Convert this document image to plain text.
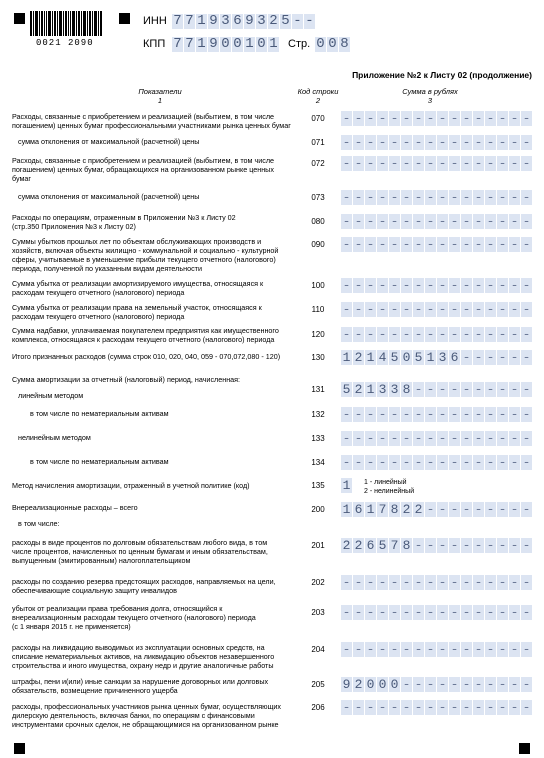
0021 2090
ИНН 7 7 1 9 3 6 9 3 2 5 - -
КПП 7 7 1 9 0 0 1 0 1 Стр. 0 0 8
Приложение №2 к Листу 02 (продолжение)
Показатели
1
Код строки
2
Сумма в рублях
3
Расходы, связанные с приобретением и реализацией (выбытием, в том числе
погашением) ценных бумаг профессиональными участниками рынка ценных бумаг
070 - - - - - - - - - - - - - - - -
сумма отклонения от максимальной (расчетной) цены	071 - - - - - - - - - - - - - - - -
Расходы, связанные с приобретением и реализацией (выбытием, в том числе
погашением) ценных бумаг, обращающихся на организованном рынке ценных
бумаг
072 - - - - - - - - - - - - - - - -
сумма отклонения от максимальной (расчетной) цены	073 - - - - - - - - - - - - - - - -
Расходы по операциям, отраженным в Приложении №3 к Листу 02
(стр.350 Приложения №3 к Листу 02)
080 - - - - - - - - - - - - - - - -
Суммы убытков прошлых лет по объектам обслуживающих производств и
хозяйств, включая объекты жилищно - коммунальной и социально - культурной
сферы, учитываемые в уменьшение прибыли текущего отчетного (налогового)
периода, полученной по указанным видам деятельности
090 - - - - - - - - - - - - - - - -
Сумма убытка от реализации амортизируемого имущества, относящаяся к
расходам текущего отчетного (налогового) периода
100 - - - - - - - - - - - - - - - -
Сумма убытка от реализации права на земельный участок, относящаяся к
расходам текущего отчетного (налогового) периода
110 - - - - - - - - - - - - - - - -
Сумма надбавки, уплачиваемая покупателем предприятия как имущественного
комплекса, относящаяся к расходам текущего отчетного (налогового) периода
120 - - - - - - - - - - - - - - - -
Итого признанных расходов (сумма строк 010, 020, 040, 059 - 070,072,080 - 120)	130 1 2 1 4 5 0 5 1 3 6 - - - - - -
Сумма амортизации за отчетный (налоговый) период, начисленная:
линейным методом
131 5 2 1 3 3 8 - - - - - - - - - -
в том числе по нематериальным активам	132 - - - - - - - - - - - - - - - -
нелинейным методом	133 - - - - - - - - - - - - - - - -
в том числе по нематериальным активам	134 - - - - - - - - - - - - - - - -
Метод начисления амортизации, отраженный в учетной политике (код)	135 1
Внереализационные расходы – всего	200 1 6 1 7 8 2 2 - - - - - - - - -
в том числе:
расходы в виде процентов по долговым обязательствам любого вида, в том
числе процентов, начисленных по ценным бумагам и иным обязательствам,
выпущенным (эмитированным) налогоплательщиком
201 2 2 6 5 7 8 - - - - - - - - - -
расходы по созданию резерва предстоящих расходов, направляемых на цели,
обеспечивающие социальную защиту инвалидов
202 - - - - - - - - - - - - - - - -
убыток от реализации права требования долга, относящийся к
внереализационным расходам текущего отчетного (налогового) периода
(с 1 января 2015 г. не применяется)
203 - - - - - - - - - - - - - - - -
расходы на ликвидацию выводимых из эксплуатации основных средств, на
списание нематериальных активов, на ликвидацию объектов незавершенного
строительства и иного имущества, охрану недр и другие аналогичные работы
204 - - - - - - - - - - - - - - - -
штрафы, пени и(или) иные санкции за нарушение договорных или долговых
обязательств, возмещение причиненного ущерба
205 9 2 0 0 0 - - - - - - - - - - -
расходы, профессиональных участников рынка ценных бумаг, осуществляющих
дилерскую деятельность, включая банки, по операциям с финансовыми
инструментами срочных сделок, не обращающимися на организованном рынке
206 - - - - - - - - - - - - - - - -
1 - линейный
2 - нелинейный
